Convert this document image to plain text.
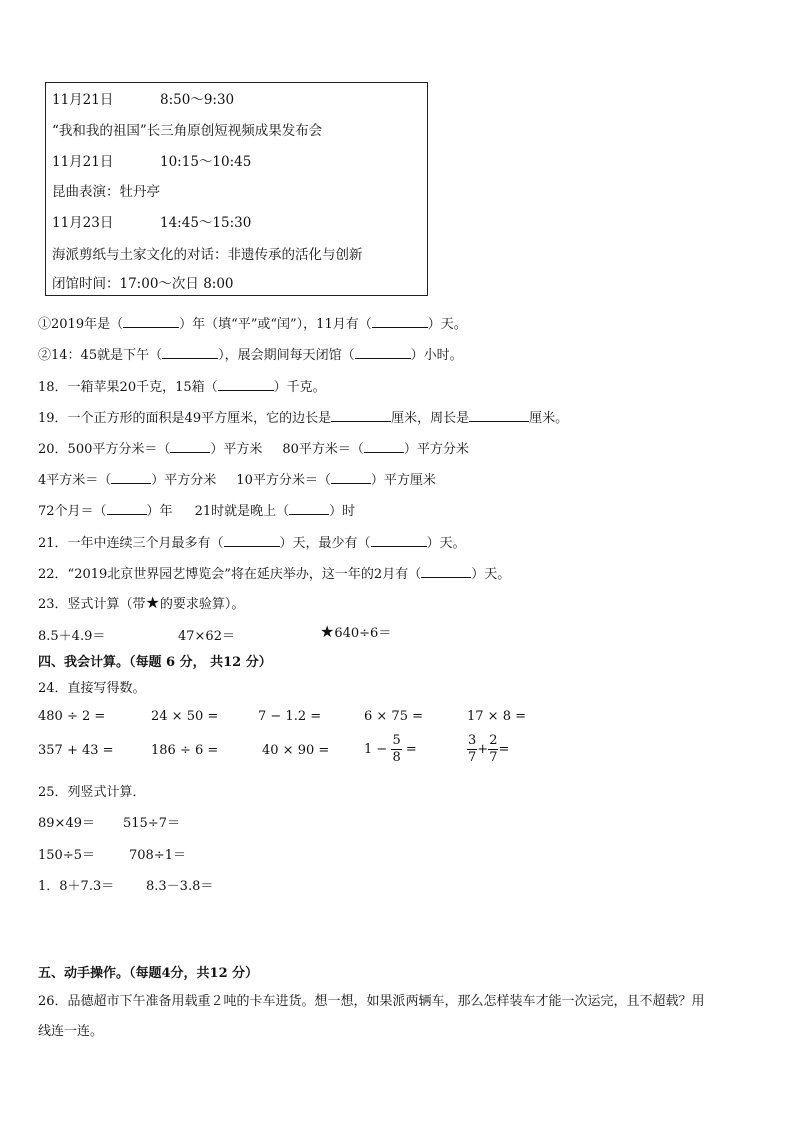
11月21日	8:50～9:30
“我和我的祖国”长三角原创短视频成果发布会
11月21日	10:15～10:45
昆曲表演：牡丹亭
11月23日	14:45～15:30
海派剪纸与土家文化的对话：非遗传承的活化与创新
闭馆时间：17:00～次日 8:00
①2019年是（	）年（填“平”或“闰”），11月有（	）天。
②14：45就是下午（	），展会期间每天闭馆（	）小时。
18．一箱苹果20千克，15箱（	）千克。
19．一个正方形的面积是49平方厘米，它的边长是	厘米，周长是	厘米。
20．500平方分米＝（	）平方米 80平方米＝（	）平方分米
4平方米＝（	）平方分米 10平方分米＝（	）平方厘米
72个月＝（	）年 21时就是晚上（	）时
21．一年中连续三个月最多有（	）天，最少有（	）天。
22．“2019北京世界园艺博览会”将在延庆举办，这一年的2月有（	）天。
23．竖式计算（带★的要求验算）。
8.5＋4.9＝	47×62＝	★640÷6＝
四、我会计算。（每题 6 分， 共12 分）
24．直接写得数。
480 ÷ 2 =	24 × 50 =	7 − 1.2 =	6 × 75 =	17 × 8 =
357 + 43 =	186 ÷ 6 =	40 × 90 =	$1 - \frac{5}{8}$ =	$\frac{3}{7} + \frac{2}{7}$ =
25．列竖式计算．
89×49＝ 515÷7＝
150÷5＝	708÷1＝
1．8＋7.3＝ 8.3－3.8＝
五、动手操作。（每题4分，共12 分）
26．品德超市下午准备用载重２吨的卡车进货。想一想，如果派两辆车，那么怎样装车才能一次运完，且不超载？用
线连一连。
